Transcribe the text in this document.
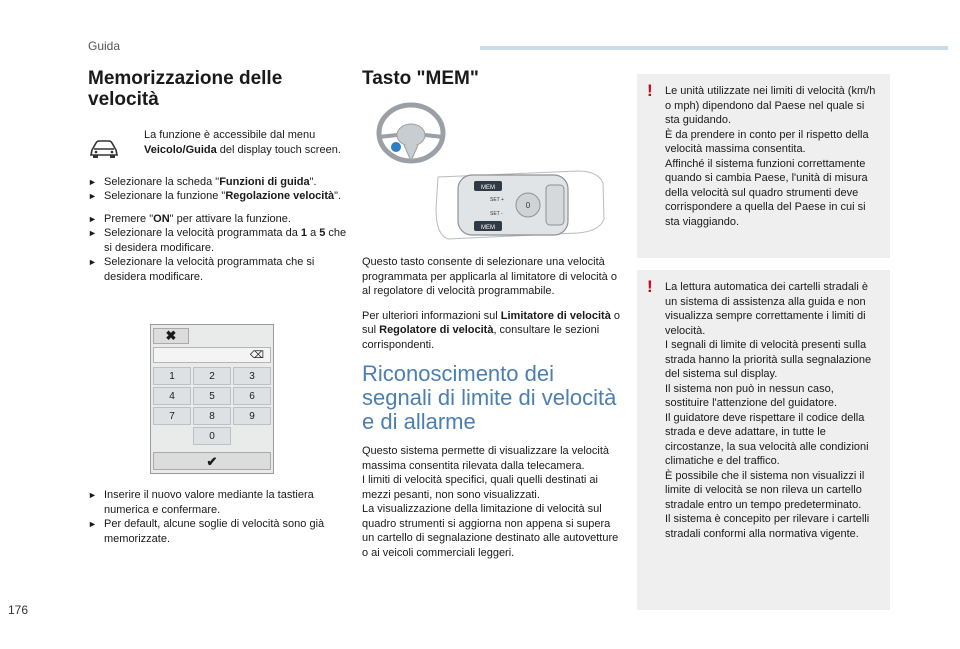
Guida
Memorizzazione delle velocità

La funzione è accessibile dal menu Veicolo/Guida del display touch screen.

► Selezionare la scheda "Funzioni di guida".
► Selezionare la funzione "Regolazione velocità".
► Premere "ON" per attivare la funzione.
► Selezionare la velocità programmata da 1 a 5 che si desidera modificare.
► Selezionare la velocità programmata che si desidera modificare.
✖
⌫
1	2	3
4	5	6
7	8	9
0
✔
► Inserire il nuovo valore mediante la tastiera numerica e confermare.
► Per default, alcune soglie di velocità sono già memorizzate.
Tasto "MEM"
MEM
MEM
SET +
SET -
0

Questo tasto consente di selezionare una velocità programmata per applicarla al limitatore di velocità o al regolatore di velocità programmabile.

Per ulteriori informazioni sul Limitatore di velocità o sul Regolatore di velocità, consultare le sezioni corrispondenti.

Riconoscimento dei segnali di limite di velocità e di allarme

Questo sistema permette di visualizzare la velocità massima consentita rilevata dalla telecamera.
I limiti di velocità specifici, quali quelli destinati ai mezzi pesanti, non sono visualizzati.
La visualizzazione della limitazione di velocità sul quadro strumenti si aggiorna non appena si supera un cartello di segnalazione destinato alle autovetture o ai veicoli commerciali leggeri.

! Le unità utilizzate nei limiti di velocità (km/h o mph) dipendono dal Paese nel quale si sta guidando.
È da prendere in conto per il rispetto della velocità massima consentita.
Affinché il sistema funzioni correttamente quando si cambia Paese, l'unità di misura della velocità sul quadro strumenti deve corrispondere a quella del Paese in cui si sta viaggiando.
! La lettura automatica dei cartelli stradali è un sistema di assistenza alla guida e non visualizza sempre correttamente i limiti di velocità.
I segnali di limite di velocità presenti sulla strada hanno la priorità sulla segnalazione del sistema sul display.
Il sistema non può in nessun caso, sostituire l'attenzione del guidatore.
Il guidatore deve rispettare il codice della strada e deve adattare, in tutte le circostanze, la sua velocità alle condizioni climatiche e del traffico.
È possibile che il sistema non visualizzi il limite di velocità se non rileva un cartello stradale entro un tempo predeterminato.
Il sistema è concepito per rilevare i cartelli stradali conformi alla normativa vigente.
176
